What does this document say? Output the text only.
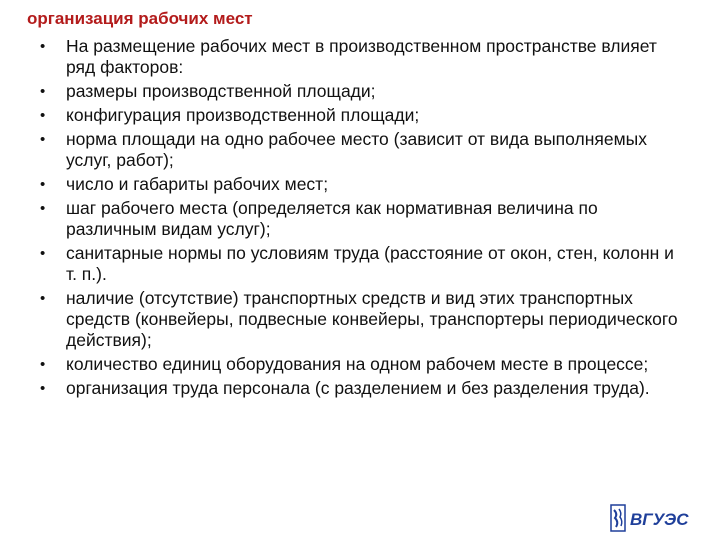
организация рабочих мест
• На размещение рабочих мест в производственном пространстве влияет ряд факторов:
• размеры производственной площади;
• конфигурация производственной площади;
• норма площади на одно рабочее место (зависит от вида выполняемых услуг, работ);
• число и габариты рабочих мест;
• шаг рабочего места (определяется как нормативная величина по различным видам услуг);
• санитарные нормы по условиям труда (расстояние от окон, стен, колонн и т. п.).
• наличие (отсутствие) транспортных средств и вид этих транспортных средств (конвейеры, подвесные конвейеры, транспортеры периодического действия);
• количество единиц оборудования на одном рабочем месте в процессе;
• организация труда персонала (с разделением и без разделения труда).
ВГУЭС
